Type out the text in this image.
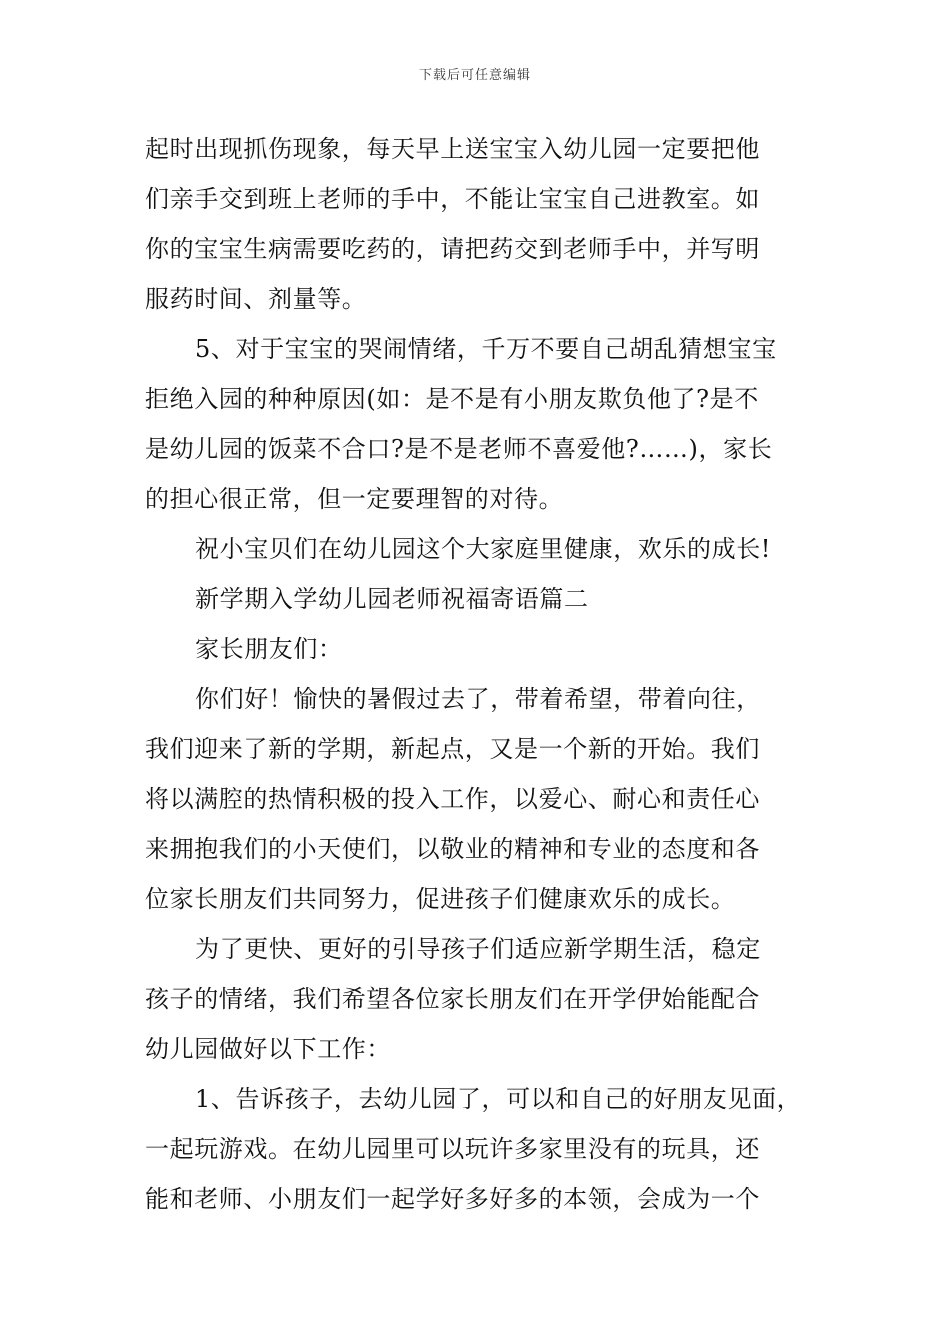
下载后可任意编辑
起时出现抓伤现象，每天早上送宝宝入幼儿园一定要把他
们亲手交到班上老师的手中，不能让宝宝自己进教室。如
你的宝宝生病需要吃药的，请把药交到老师手中，并写明
服药时间、剂量等。
5、对于宝宝的哭闹情绪，千万不要自己胡乱猜想宝宝
拒绝入园的种种原因(如：是不是有小朋友欺负他了?是不
是幼儿园的饭菜不合口?是不是老师不喜爱他?……)，家长
的担心很正常，但一定要理智的对待。
祝小宝贝们在幼儿园这个大家庭里健康，欢乐的成长!
新学期入学幼儿园老师祝福寄语篇二
家长朋友们：
你们好！愉快的暑假过去了，带着希望，带着向往，
我们迎来了新的学期，新起点，又是一个新的开始。我们
将以满腔的热情积极的投入工作，以爱心、耐心和责任心
来拥抱我们的小天使们，以敬业的精神和专业的态度和各
位家长朋友们共同努力，促进孩子们健康欢乐的成长。
为了更快、更好的引导孩子们适应新学期生活，稳定
孩子的情绪，我们希望各位家长朋友们在开学伊始能配合
幼儿园做好以下工作：
1、告诉孩子，去幼儿园了，可以和自己的好朋友见面，
一起玩游戏。在幼儿园里可以玩许多家里没有的玩具，还
能和老师、小朋友们一起学好多好多的本领，会成为一个
